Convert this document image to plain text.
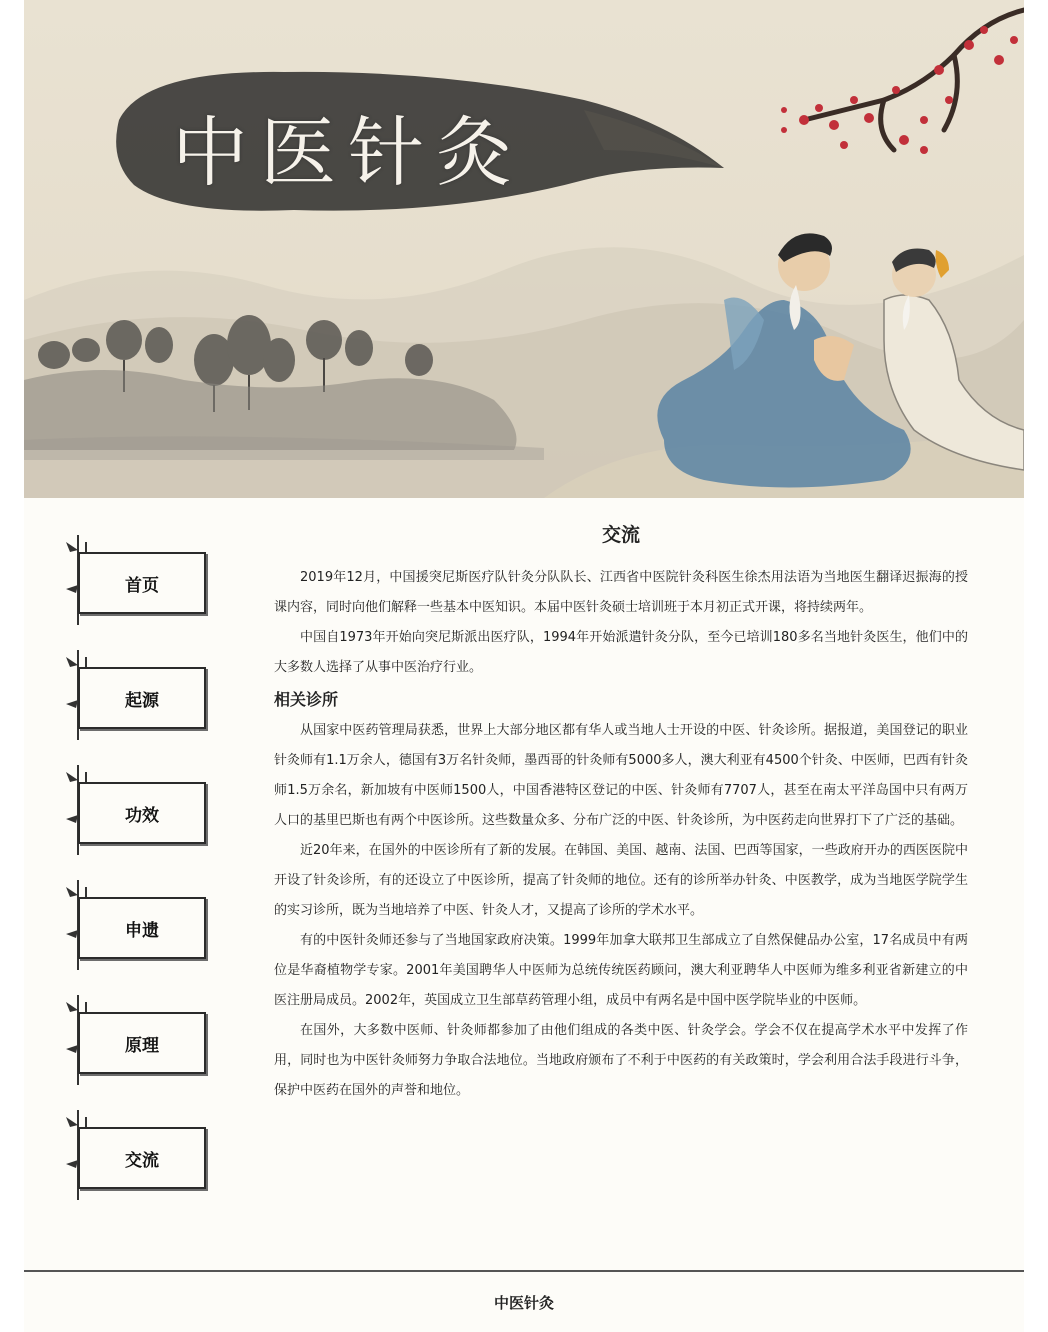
中医针灸
首页
起源
功效
申遗
原理
交流
交流

2019年12月，中国援突尼斯医疗队针灸分队队长、江西省中医院针灸科医生徐杰用法语为当地医生翻译迟振海的授课内容，同时向他们解释一些基本中医知识。本届中医针灸硕士培训班于本月初正式开课，将持续两年。

中国自1973年开始向突尼斯派出医疗队，1994年开始派遣针灸分队，至今已培训180多名当地针灸医生，他们中的大多数人选择了从事中医治疗行业。

相关诊所

从国家中医药管理局获悉，世界上大部分地区都有华人或当地人士开设的中医、针灸诊所。据报道，美国登记的职业针灸师有1.1万余人，德国有3万名针灸师，墨西哥的针灸师有5000多人，澳大利亚有4500个针灸、中医师，巴西有针灸师1.5万余名，新加坡有中医师1500人，中国香港特区登记的中医、针灸师有7707人，甚至在南太平洋岛国中只有两万人口的基里巴斯也有两个中医诊所。这些数量众多、分布广泛的中医、针灸诊所，为中医药走向世界打下了广泛的基础。

近20年来，在国外的中医诊所有了新的发展。在韩国、美国、越南、法国、巴西等国家，一些政府开办的西医医院中开设了针灸诊所，有的还设立了中医诊所，提高了针灸师的地位。还有的诊所举办针灸、中医教学，成为当地医学院学生的实习诊所，既为当地培养了中医、针灸人才，又提高了诊所的学术水平。

有的中医针灸师还参与了当地国家政府决策。1999年加拿大联邦卫生部成立了自然保健品办公室，17名成员中有两位是华裔植物学专家。2001年美国聘华人中医师为总统传统医药顾问，澳大利亚聘华人中医师为维多利亚省新建立的中医注册局成员。2002年，英国成立卫生部草药管理小组，成员中有两名是中国中医学院毕业的中医师。

在国外，大多数中医师、针灸师都参加了由他们组成的各类中医、针灸学会。学会不仅在提高学术水平中发挥了作用，同时也为中医针灸师努力争取合法地位。当地政府颁布了不利于中医药的有关政策时，学会利用合法手段进行斗争，保护中医药在国外的声誉和地位。

中医针灸
